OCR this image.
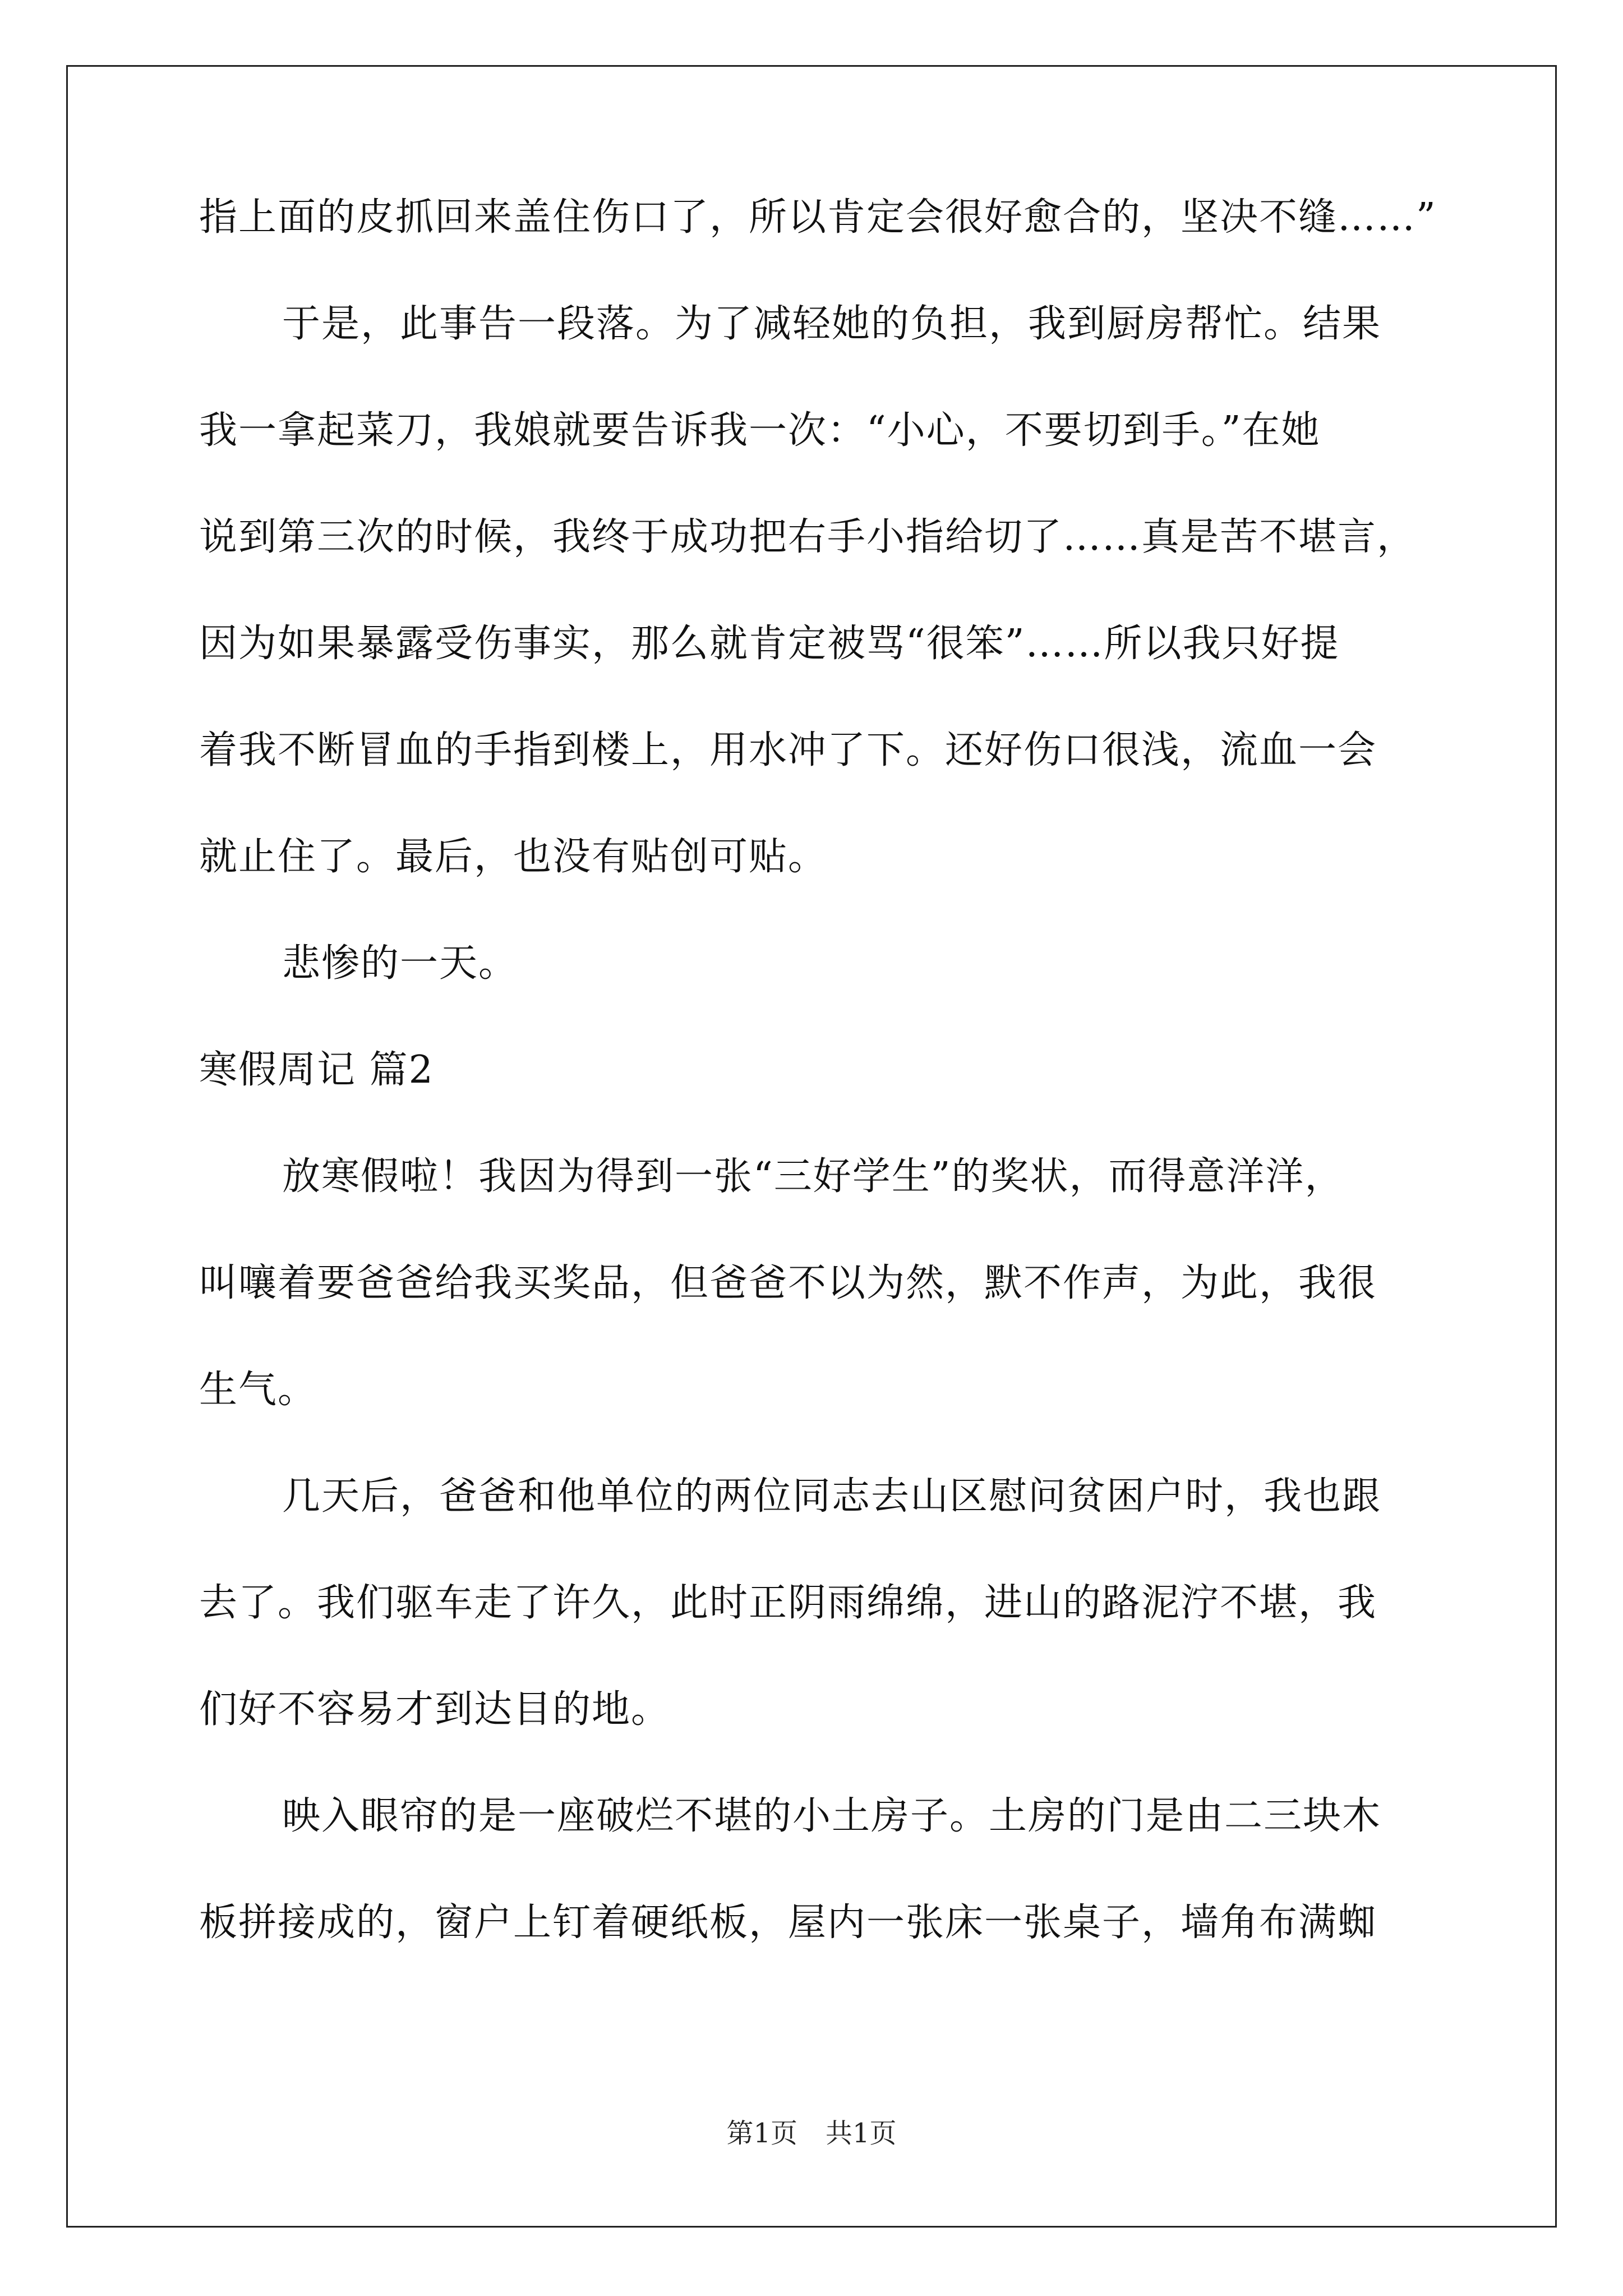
指上面的皮抓回来盖住伤口了，所以肯定会很好愈合的，坚决不缝……”
于是，此事告一段落。为了减轻她的负担，我到厨房帮忙。结果
我一拿起菜刀，我娘就要告诉我一次：“小心，不要切到手。”在她
说到第三次的时候，我终于成功把右手小指给切了……真是苦不堪言，
因为如果暴露受伤事实，那么就肯定被骂“很笨”……所以我只好提
着我不断冒血的手指到楼上，用水冲了下。还好伤口很浅，流血一会
就止住了。最后，也没有贴创可贴。
悲惨的一天。
寒假周记 篇2
放寒假啦！我因为得到一张“三好学生”的奖状，而得意洋洋，
叫嚷着要爸爸给我买奖品，但爸爸不以为然，默不作声，为此，我很
生气。
几天后，爸爸和他单位的两位同志去山区慰问贫困户时，我也跟
去了。我们驱车走了许久，此时正阴雨绵绵，进山的路泥泞不堪，我
们好不容易才到达目的地。
映入眼帘的是一座破烂不堪的小土房子。土房的门是由二三块木
板拼接成的，窗户上钉着硬纸板，屋内一张床一张桌子，墙角布满蜘
第1页 共1页
